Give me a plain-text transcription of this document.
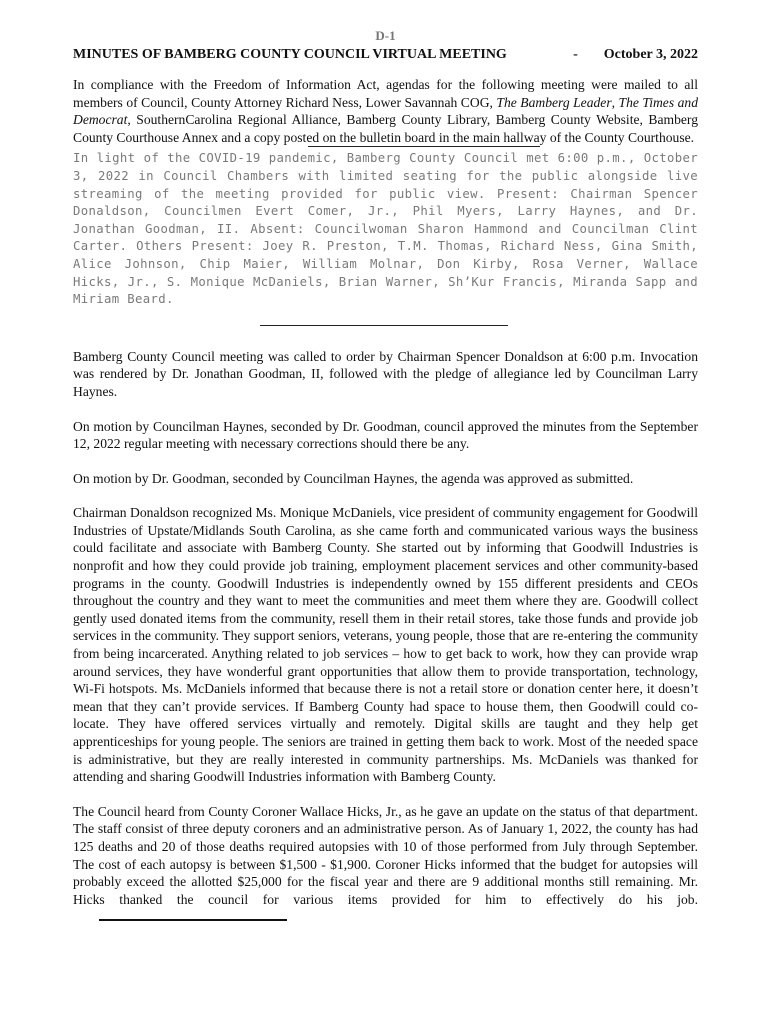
D-1
MINUTES OF BAMBERG COUNTY COUNCIL VIRTUAL MEETING	- October 3, 2022

In compliance with the Freedom of Information Act, agendas for the following meeting were mailed to all members of Council, County Attorney Richard Ness, Lower Savannah COG, The Bamberg Leader, The Times and Democrat, SouthernCarolina Regional Alliance, Bamberg County Library, Bamberg County Website, Bamberg County Courthouse Annex and a copy posted on the bulletin board in the main hallway of the County Courthouse.

In light of the COVID-19 pandemic, Bamberg County Council met 6:00 p.m., October 3, 2022 in Council Chambers with limited seating for the public alongside live streaming of the meeting provided for public view. Present: Chairman Spencer Donaldson, Councilmen Evert Comer, Jr., Phil Myers, Larry Haynes, and Dr. Jonathan Goodman, II. Absent: Councilwoman Sharon Hammond and Councilman Clint Carter. Others Present: Joey R. Preston, T.M. Thomas, Richard Ness, Gina Smith, Alice Johnson, Chip Maier, William Molnar, Don Kirby, Rosa Verner, Wallace Hicks, Jr., S. Monique McDaniels, Brian Warner, Sh’Kur Francis, Miranda Sapp and Miriam Beard.

Bamberg County Council meeting was called to order by Chairman Spencer Donaldson at 6:00 p.m. Invocation was rendered by Dr. Jonathan Goodman, II, followed with the pledge of allegiance led by Councilman Larry Haynes.

On motion by Councilman Haynes, seconded by Dr. Goodman, council approved the minutes from the September 12, 2022 regular meeting with necessary corrections should there be any.

On motion by Dr. Goodman, seconded by Councilman Haynes, the agenda was approved as submitted.

Chairman Donaldson recognized Ms. Monique McDaniels, vice president of community engagement for Goodwill Industries of Upstate/Midlands South Carolina, as she came forth and communicated various ways the business could facilitate and associate with Bamberg County. She started out by informing that Goodwill Industries is nonprofit and how they could provide job training, employment placement services and other community-based programs in the county. Goodwill Industries is independently owned by 155 different presidents and CEOs throughout the country and they want to meet the communities and meet them where they are. Goodwill collect gently used donated items from the community, resell them in their retail stores, take those funds and provide job services in the community. They support seniors, veterans, young people, those that are re-entering the community from being incarcerated. Anything related to job services – how to get back to work, how they can provide wrap around services, they have wonderful grant opportunities that allow them to provide transportation, technology, Wi-Fi hotspots. Ms. McDaniels informed that because there is not a retail store or donation center here, it doesn’t mean that they can’t provide services. If Bamberg County had space to house them, then Goodwill could co-locate. They have offered services virtually and remotely. Digital skills are taught and they help get apprenticeships for young people. The seniors are trained in getting them back to work. Most of the needed space is administrative, but they are really interested in community partnerships. Ms. McDaniels was thanked for attending and sharing Goodwill Industries information with Bamberg County.

The Council heard from County Coroner Wallace Hicks, Jr., as he gave an update on the status of that department. The staff consist of three deputy coroners and an administrative person. As of January 1, 2022, the county has had 125 deaths and 20 of those deaths required autopsies with 10 of those performed from July through September. The cost of each autopsy is between $1,500 - $1,900. Coroner Hicks informed that the budget for autopsies will probably exceed the allotted $25,000 for the fiscal year and there are 9 additional months still remaining. Mr. Hicks thanked the council for various items provided for him to effectively do his job.
